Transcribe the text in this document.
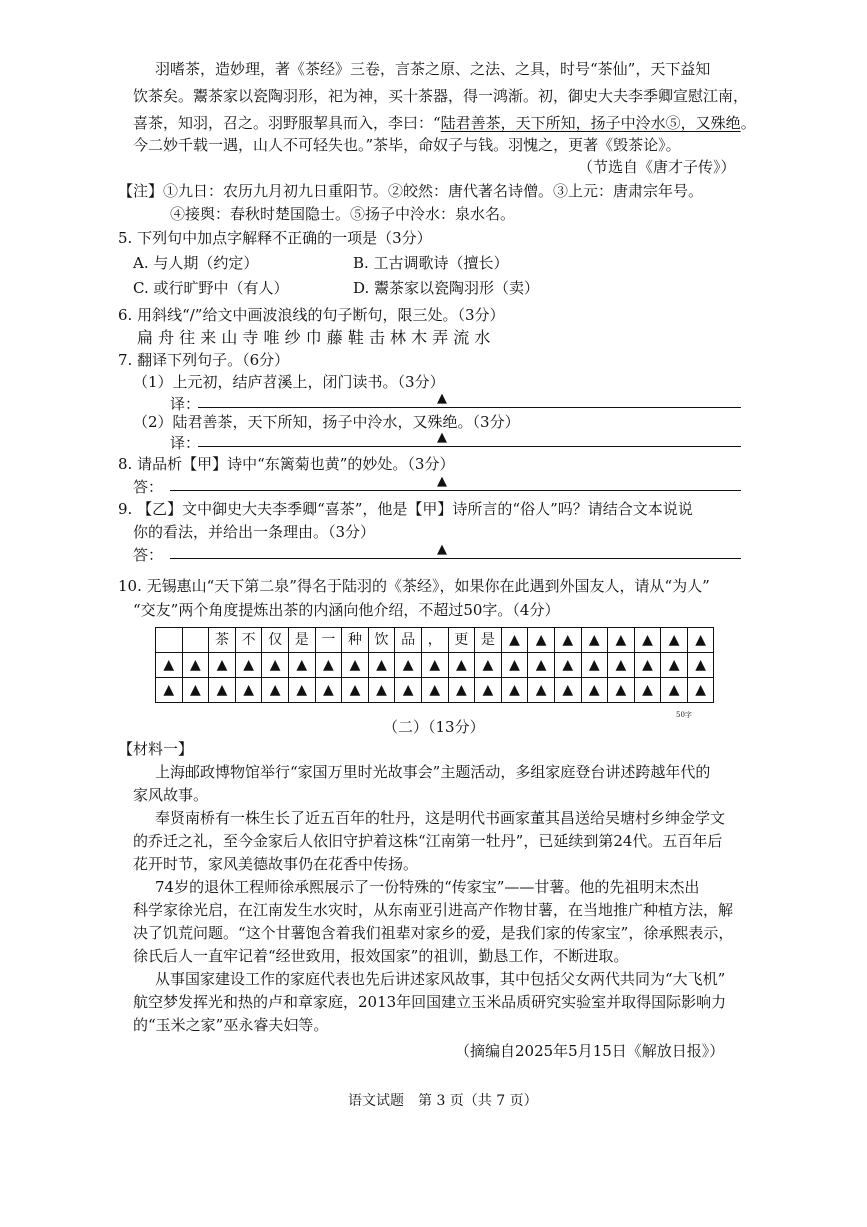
羽嗜茶，造妙理，著《茶经》三卷，言茶之原、之法、之具，时号“茶仙”，天下益知
饮茶矣。鬻茶家以瓷陶羽形，祀为神，买十茶器，得一鸿渐。初，御史大夫李季卿宣慰江南，
喜茶，知羽，召之。羽野服挈具而入，李曰：“陆君善茶，天下所知，扬子中泠水⑤，又殊绝。
今二妙千载一遇，山人不可轻失也。”茶毕，命奴子与钱。羽愧之，更著《毁茶论》。
（节选自《唐才子传》）
【注】①九日：农历九月初九日重阳节。②皎然：唐代著名诗僧。③上元：唐肃宗年号。
④接舆：春秋时楚国隐士。⑤扬子中泠水：泉水名。
5. 下列句中加点字解释不正确的一项是（3分）
A. 与人期（约定）	B. 工古调歌诗（擅长）
C. 或行旷野中（有人）	D. 鬻茶家以瓷陶羽形（卖）
6. 用斜线“/”给文中画波浪线的句子断句，限三处。（3分）
扁 舟 往 来 山 寺 唯 纱 巾 藤 鞋 击 林 木 弄 流 水
7. 翻译下列句子。（6分）
（1）上元初，结庐苕溪上，闭门读书。（3分）
译：	▲
（2）陆君善茶，天下所知，扬子中泠水，又殊绝。（3分）
译：	▲
8. 请品析【甲】诗中“东篱菊也黄”的妙处。（3分）
答：	▲
9. 【乙】文中御史大夫李季卿“喜茶”，他是【甲】诗所言的“俗人”吗？请结合文本说说
你的看法，并给出一条理由。（3分）
答：	▲
10. 无锡惠山“天下第二泉”得名于陆羽的《茶经》，如果你在此遇到外国友人，请从“为人”
“交友”两个角度提炼出茶的内涵向他介绍，不超过50字。（4分）
		茶	不	仅	是	一	种	饮	品	，	更	是	▲	▲	▲	▲	▲	▲	▲	▲
▲	▲	▲	▲	▲	▲	▲	▲	▲	▲	▲	▲	▲	▲	▲	▲	▲	▲	▲	▲	▲
▲	▲	▲	▲	▲	▲	▲	▲	▲	▲	▲	▲	▲	▲	▲	▲	▲	▲	▲	▲	▲
50字
（二）（13分）
【材料一】
上海邮政博物馆举行“家国万里时光故事会”主题活动，多组家庭登台讲述跨越年代的
家风故事。
奉贤南桥有一株生长了近五百年的牡丹，这是明代书画家董其昌送给吴塘村乡绅金学文
的乔迁之礼，至今金家后人依旧守护着这株“江南第一牡丹”，已延续到第24代。五百年后
花开时节，家风美德故事仍在花香中传扬。
74岁的退休工程师徐承熙展示了一份特殊的“传家宝”——甘薯。他的先祖明末杰出
科学家徐光启，在江南发生水灾时，从东南亚引进高产作物甘薯，在当地推广种植方法，解
决了饥荒问题。“这个甘薯饱含着我们祖辈对家乡的爱，是我们家的传家宝”，徐承熙表示，
徐氏后人一直牢记着“经世致用，报效国家”的祖训，勤恳工作，不断进取。
从事国家建设工作的家庭代表也先后讲述家风故事，其中包括父女两代共同为“大飞机”
航空梦发挥光和热的卢和章家庭，2013年回国建立玉米品质研究实验室并取得国际影响力
的“玉米之家”巫永睿夫妇等。
（摘编自2025年5月15日《解放日报》）
语文试题　第 3 页（共 7 页）
